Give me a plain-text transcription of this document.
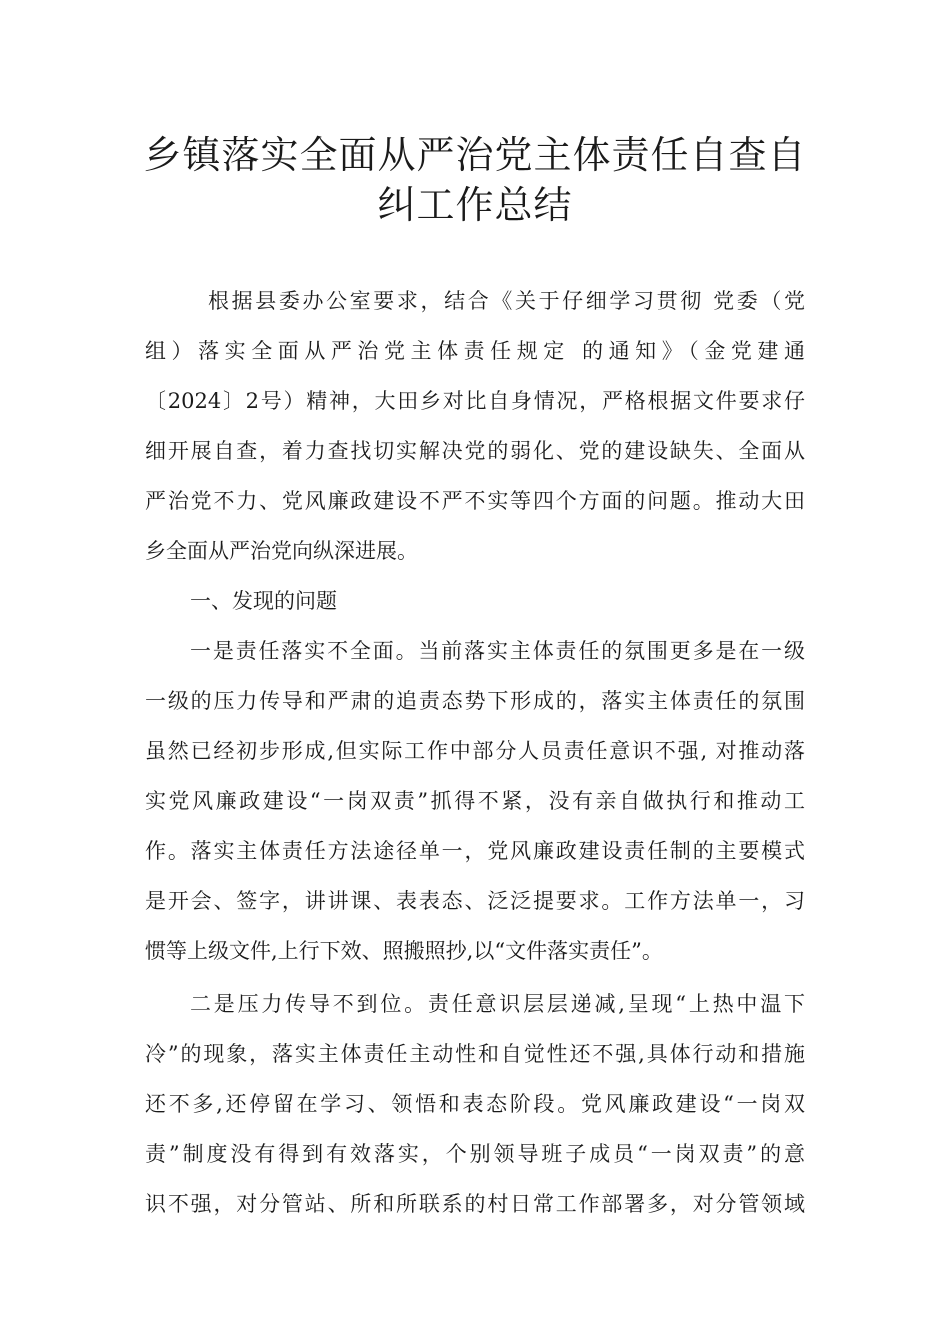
乡镇落实全面从严治党主体责任自查自
纠工作总结

根据县委办公室要求，结合《关于仔细学习贯彻 党委（党

组）落实全面从严治党主体责任规定 的通知》（金党建通

〔2024〕2号）精神，大田乡对比自身情况，严格根据文件要求仔

细开展自查，着力查找切实解决党的弱化、党的建设缺失、全面从

严治党不力、党风廉政建设不严不实等四个方面的问题。推动大田

乡全面从严治党向纵深进展。

一、发现的问题

一是责任落实不全面。当前落实主体责任的氛围更多是在一级

一级的压力传导和严肃的追责态势下形成的，落实主体责任的氛围

虽然已经初步形成,但实际工作中部分人员责任意识不强, 对推动落

实党风廉政建设“一岗双责”抓得不紧，没有亲自做执行和推动工

作。落实主体责任方法途径单一，党风廉政建设责任制的主要模式

是开会、签字，讲讲课、表表态、泛泛提要求。工作方法单一，习

惯等上级文件,上行下效、照搬照抄,以“文件落实责任”。

二是压力传导不到位。责任意识层层递减,呈现“上热中温下

冷”的现象，落实主体责任主动性和自觉性还不强,具体行动和措施

还不多,还停留在学习、领悟和表态阶段。党风廉政建设“一岗双

责”制度没有得到有效落实，个别领导班子成员“一岗双责”的意

识不强，对分管站、所和所联系的村日常工作部署多，对分管领域
